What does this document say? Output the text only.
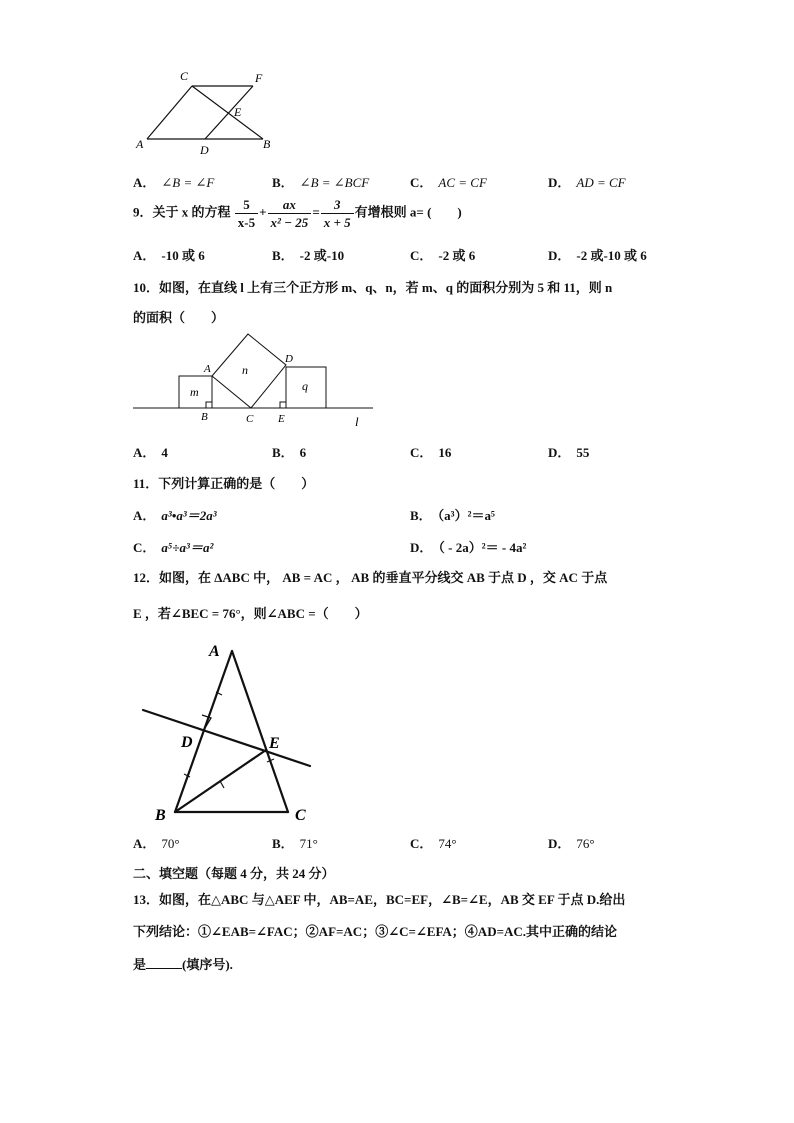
C	F
E
A	D	B
A． ∠B = ∠F	B． ∠B = ∠BCF	C． AC = CF	D． AD = CF
9．关于 x 的方程 $\frac{5}{x-5} + \frac{ax}{\text{x² − 25}} = \frac{3}{x + 5}$ 有增根则 a= (　　)
A． -10 或 6	B． -2 或-10	C． -2 或 6	D． -2 或-10 或 6
10．如图，在直线 l 上有三个正方形 m、q、n，若 m、q 的面积分别为 5 和 11，则 n
的面积（　　）
m
n
q
A
D
B	C E	l
A． 4	B． 6	C． 16	D． 55
11．下列计算正确的是（　　）
A． a³•a³＝2a³	B． （a³）²＝a⁵
C． a⁵÷a³＝a²	D． （ - 2a）²＝ - 4a²
12．如图，在 ΔABC 中， AB = AC ， AB 的垂直平分线交 AB 于点 D ，交 AC 于点
E ，若∠BEC = 76°，则∠ABC =（　　）
A
D	E
B	C
A． 70°	B． 71°	C． 74°	D． 76°
二、填空题（每题 4 分，共 24 分）
13．如图，在△ABC 与△AEF 中，AB=AE，BC=EF，∠B=∠E，AB 交 EF 于点 D.给出
下列结论：①∠EAB=∠FAC；②AF=AC；③∠C=∠EFA；④AD=AC.其中正确的结论
是	(填序号).
